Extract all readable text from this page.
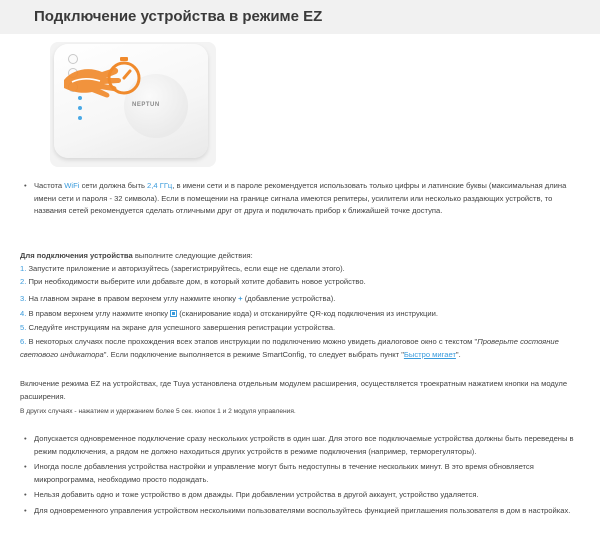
Подключение устройства в режиме EZ
NEPTUN
• Частота WiFi сети должна быть 2,4 ГГц, в имени сети и в пароле рекомендуется использовать только цифры и латинские буквы (максимальная длина имени сети и пароля - 32 символа). Если в помещении на границе сигнала имеются репитеры, усилители или несколько раздающих устройств, то названия сетей рекомендуется сделать отличными друг от друга и подключать прибор к ближайшей точке доступа.
Для подключения устройства выполните следующие действия:
1. Запустите приложение и авторизуйтесь (зарегистрируйтесь, если еще не сделали этого).
2. При необходимости выберите или добавьте дом, в который хотите добавить новое устройство.
3. На главном экране в правом верхнем углу нажмите кнопку + (добавление устройства).
4. В правом верхнем углу нажмите кнопку  (сканирование кода) и отсканируйте QR-код подключения из инструкции.
5. Следуйте инструкциям на экране для успешного завершения регистрации устройства.
6. В некоторых случаях после прохождения всех этапов инструкции по подключению можно увидеть диалоговое окно с текстом "Проверьте состояние светового индикатора". Если подключение выполняется в режиме SmartConfig, то следует выбрать пункт "Быстро мигает".
Включение режима EZ на устройствах, где Tuya установлена отдельным модулем расширения, осуществляется троекратным нажатием кнопки на модуле расширения.
В других случаях - нажатием и удержанием более 5 сек. кнопок 1 и 2 модуля управления.
• Допускается одновременное подключение сразу нескольких устройств в один шаг. Для этого все подключаемые устройства должны быть переведены в режим подключения, а рядом не должно находиться других устройств в режиме подключения (например, терморегуляторы).
• Иногда после добавления устройства настройки и управление могут быть недоступны в течение нескольких минут. В это время обновляется микропрограмма, необходимо просто подождать.
• Нельзя добавить одно и тоже устройство в дом дважды. При добавлении устройства в другой аккаунт, устройство удаляется.
• Для одновременного управления устройством несколькими пользователями воспользуйтесь функцией приглашения пользователя в дом в настройках.
